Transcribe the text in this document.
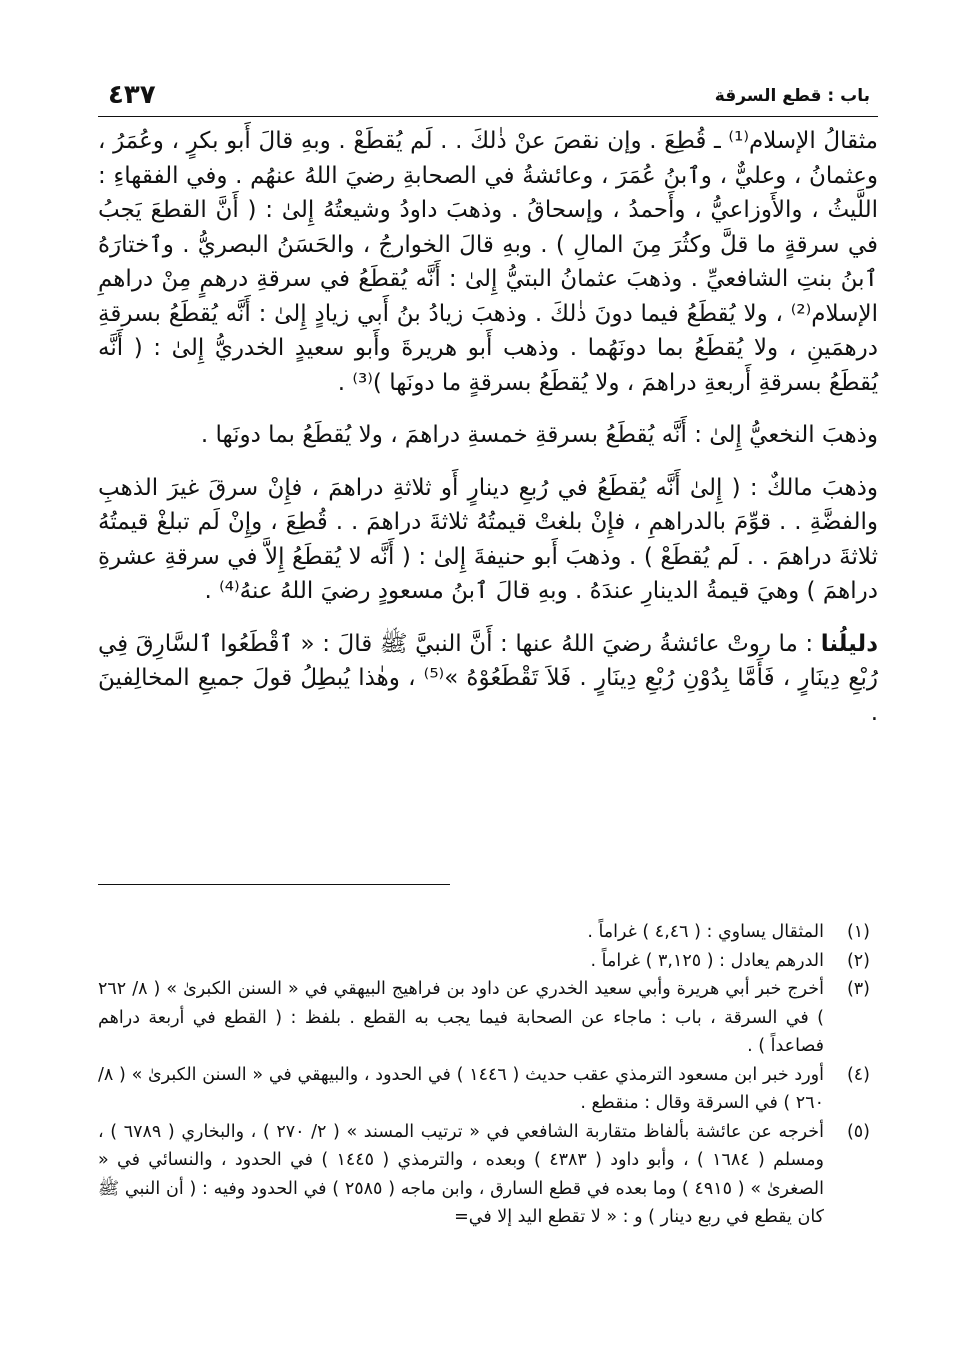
باب : قطع السرقة
٤٣٧

مثقالُ الإسلام⁽¹⁾ ـ قُطِعَ . وإن نقصَ عنْ ذٰلكَ . . لَم يُقطَعْ . وبهِ قالَ أَبو بكرٍ ، وعُمَرُ ، وعثمانُ ، وعليٌّ ، وٱبنُ عُمَرَ ، وعائشةُ في الصحابةِ رضيَ اللهُ عنهُم . وفي الفقهاءِ : اللَّيثُ ، والأَوزاعيُّ ، وأَحمدُ ، وإسحاقُ . وذهبَ داودُ وشيعتُهُ إِلىٰ : ( أَنَّ القطعَ يَجبُ في سرقةٍ ما قلَّ وكثُرَ مِنَ المالِ ) . وبهِ قالَ الخوارجُ ، والحَسَنُ البصريُّ . وٱختارَهُ ٱبنُ بنتِ الشافعيِّ . وذهبَ عثمانُ البتيُّ إِلىٰ : أَنَّه يُقطَعُ في سرقةِ درهمٍ مِنْ دراهمِ الإسلام⁽²⁾ ، ولا يُقطَعُ فيما دونَ ذٰلكَ . وذهبَ زيادُ بنُ أَبي زيادٍ إِلىٰ : أَنَّه يُقطَعُ بسرقةِ درهمَينِ ، ولا يُقطَعُ بما دونَهُما . وذهب أَبو هريرةَ وأَبو سعيدٍ الخدريُّ إِلىٰ : ( أَنَّه يُقطَعُ بسرقةِ أَربعةِ دراهمَ ، ولا يُقطَعُ بسرقةٍ ما دونَها )⁽³⁾ .

وذهبَ النخعيُّ إِلىٰ : أَنَّه يُقطَعُ بسرقةِ خمسةِ دراهمَ ، ولا يُقطَعُ بما دونَها .

وذهبَ مالكٌ : ( إِلىٰ أَنَّه يُقطَعُ في رُبعِ دينارٍ أَو ثلاثةِ دراهمَ ، فإِنْ سرقَ غيرَ الذهبِ والفضَّةِ . . قوِّمَ بالدراهمِ ، فإِنْ بلغتْ قيمتُهُ ثلاثةَ دراهمَ . . قُطِعَ ، وإِنْ لَم تبلغْ قيمتُهُ ثلاثةَ دراهمَ . . لَم يُقطَعْ ) . وذهبَ أَبو حنيفةَ إِلىٰ : ( أَنَّه لا يُقطَعُ إِلاَّ في سرقةِ عشرةِ دراهمَ ) وهيَ قيمةُ الدينارِ عندَهُ . وبهِ قالَ ٱبنُ مسعودٍ رضيَ اللهُ عنهُ⁽⁴⁾ .

دليلُنا : ما روتْ عائشةُ رضيَ اللهُ عنها : أَنَّ النبيَّ ﷺ قالَ : « ٱقْطَعُوا ٱلسَّارِقَ فِي رُبْعِ دِينَارٍ ، فَأَمَّا بِدُوْنِ رُبْعِ دِينَارٍ . فَلاَ تَقْطَعُوْهُ »⁽⁵⁾ ، وهٰذا يُبطِلُ قولَ جميعِ المخالِفينَ .

(١)
المثقال يساوي : ( ٤,٤٦ ) غراماً .
(٢)
الدرهم يعادل : ( ٣,١٢٥ ) غراماً .
(٣)
أخرج خبر أبي هريرة وأبي سعيد الخدري عن داود بن فراهيج البيهقي في « السنن الكبرىٰ » ( ٨/ ٢٦٢ ) في السرقة ، باب : ماجاء عن الصحابة فيما يجب به القطع . بلفظ : ( القطع في أربعة دراهم فصاعداً ) .
(٤)
أورد خبر ابن مسعود الترمذي عقب حديث ( ١٤٤٦ ) في الحدود ، والبيهقي في « السنن الكبرىٰ » ( ٨/ ٢٦٠ ) في السرقة وقال : منقطع .
(٥)
أخرجه عن عائشة بألفاظ متقاربة الشافعي في « ترتيب المسند » ( ٢/ ٢٧٠ ) ، والبخاري ( ٦٧٨٩ ) ، ومسلم ( ١٦٨٤ ) ، وأبو داود ( ٤٣٨٣ ) وبعده ، والترمذي ( ١٤٤٥ ) في الحدود ، والنسائي في « الصغرىٰ » ( ٤٩١٥ ) وما بعده في قطع السارق ، وابن ماجه ( ٢٥٨٥ ) في الحدود وفيه : ( أن النبي ﷺ كان يقطع في ربع دينار ) و : « لا تقطع اليد إلا في=
